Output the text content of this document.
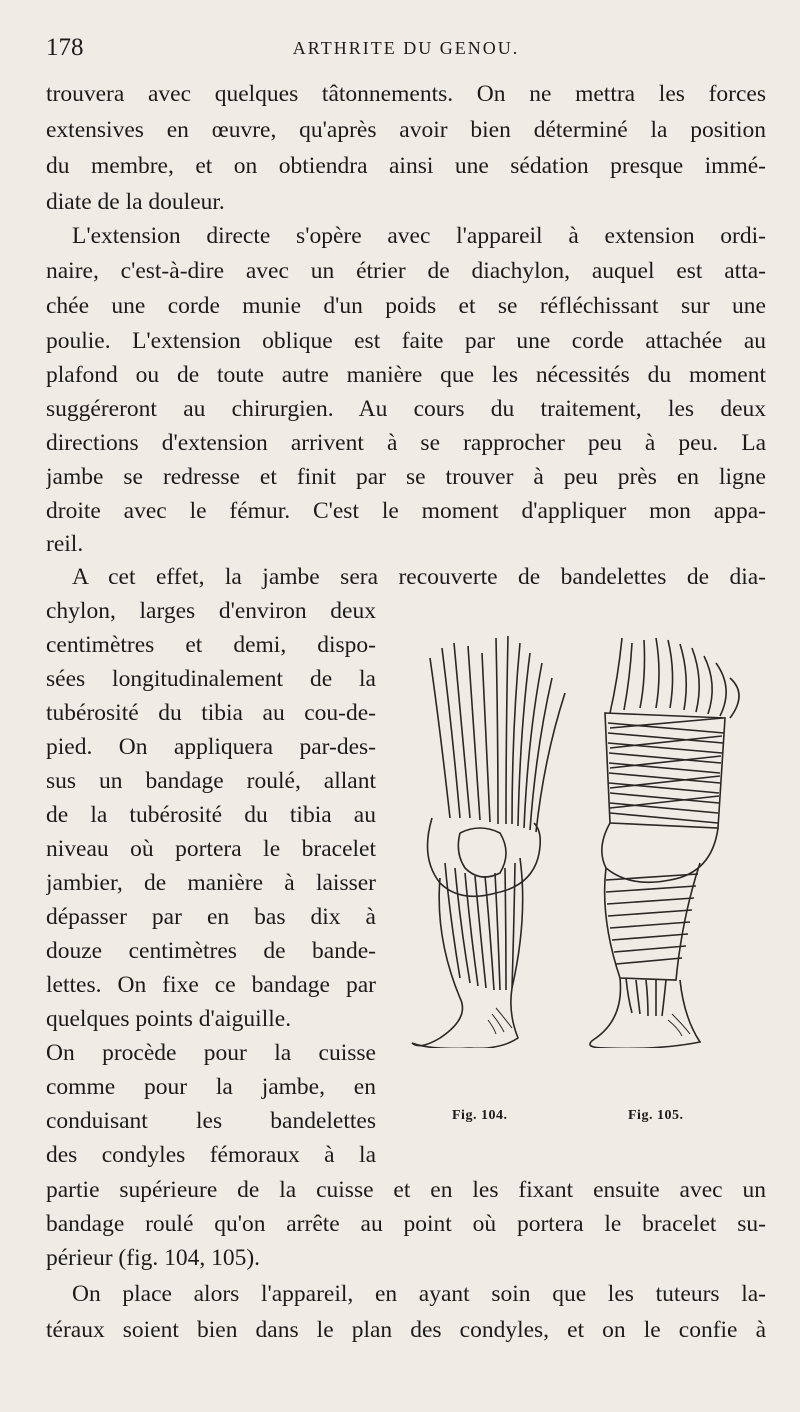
178	ARTHRITE DU GENOU.
trouvera avec quelques tâtonnements. On ne mettra les forces
extensives en œuvre, qu'après avoir bien déterminé la position
du membre, et on obtiendra ainsi une sédation presque immé-
diate de la douleur.
L'extension directe s'opère avec l'appareil à extension ordi-
naire, c'est-à-dire avec un étrier de diachylon, auquel est atta-
chée une corde munie d'un poids et se réfléchissant sur une
poulie. L'extension oblique est faite par une corde attachée au
plafond ou de toute autre manière que les nécessités du moment
suggéreront au chirurgien. Au cours du traitement, les deux
directions d'extension arrivent à se rapprocher peu à peu. La
jambe se redresse et finit par se trouver à peu près en ligne
droite avec le fémur. C'est le moment d'appliquer mon appa-
reil.
A cet effet, la jambe sera recouverte de bandelettes de dia-
chylon, larges d'environ deux
centimètres et demi, dispo-
sées longitudinalement de la
tubérosité du tibia au cou-de-
pied. On appliquera par-des-
sus un bandage roulé, allant
de la tubérosité du tibia au
niveau où portera le bracelet
jambier, de manière à laisser
dépasser par en bas dix à
douze centimètres de bande-
lettes. On fixe ce bandage par
quelques points d'aiguille.
On procède pour la cuisse
comme pour la jambe, en
conduisant les bandelettes
des condyles fémoraux à la
partie supérieure de la cuisse et en les fixant ensuite avec un
bandage roulé qu'on arrête au point où portera le bracelet su-
périeur (fig. 104, 105).
On place alors l'appareil, en ayant soin que les tuteurs la-
téraux soient bien dans le plan des condyles, et on le confie à
Fig. 104.	Fig. 105.
